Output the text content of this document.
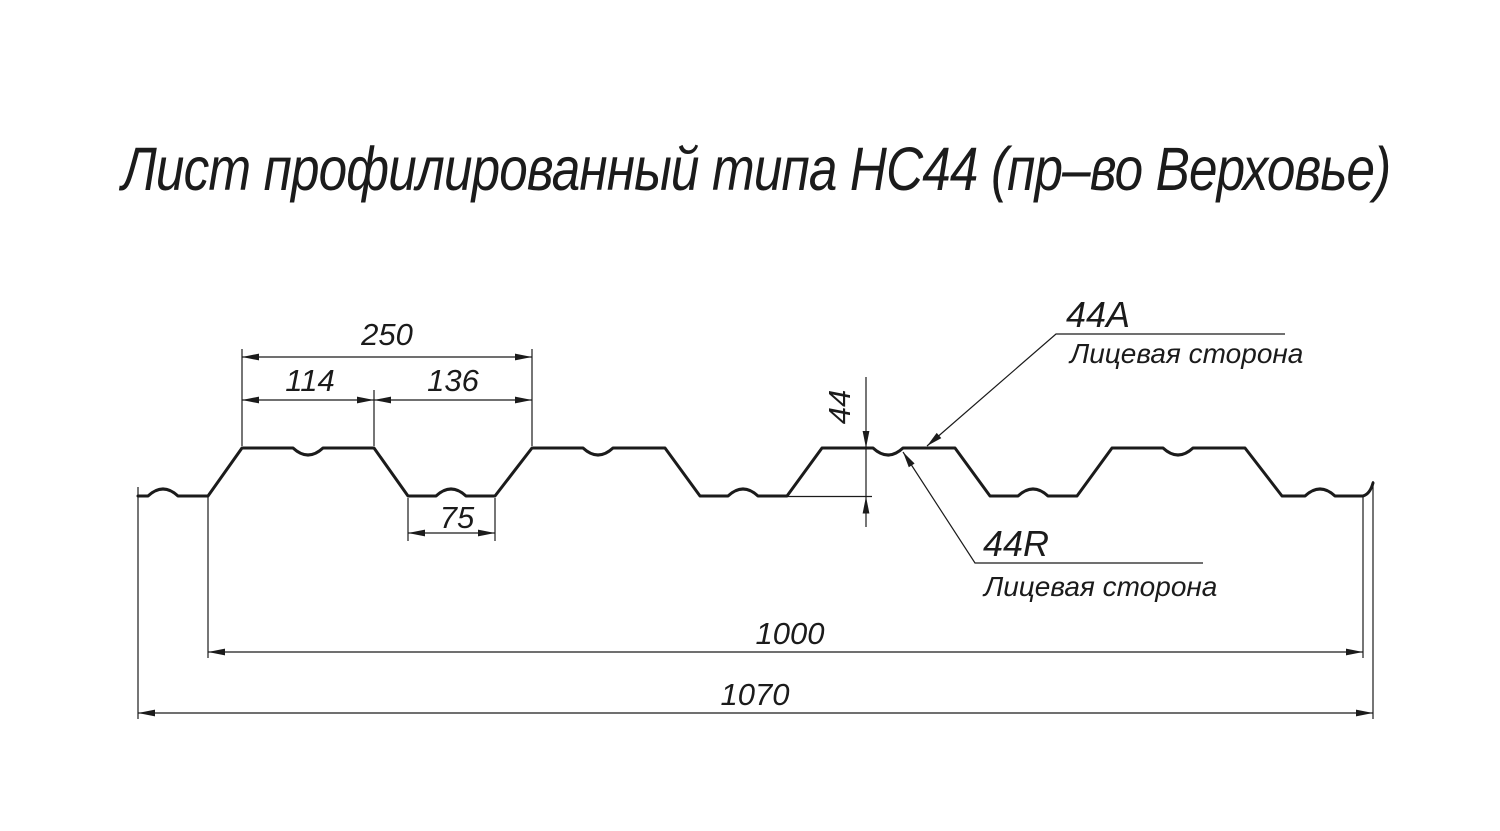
Лист профилированный типа НС44 (пр–во Верховье)
250
114	136
75
44
1000
1070
44A
Лицевая сторона
44R
Лицевая сторона
